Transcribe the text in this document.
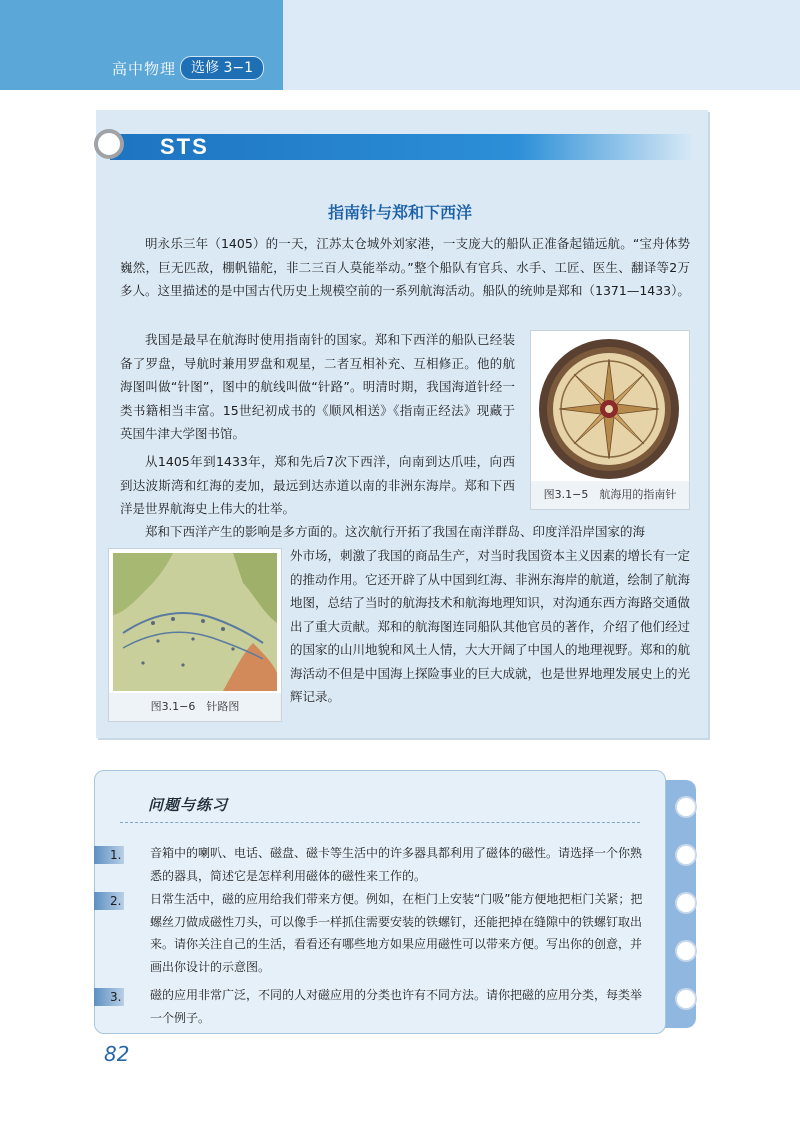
高中物理	选修 3−1
STS
指南针与郑和下西洋
明永乐三年（1405）的一天，江苏太仓城外刘家港，一支庞大的船队正准备起锚远航。“宝舟体势巍然，巨无匹敌，棚帆锚舵，非二三百人莫能举动。”整个船队有官兵、水手、工匠、医生、翻译等2万多人。这里描述的是中国古代历史上规模空前的一系列航海活动。船队的统帅是郑和（1371—1433）。
我国是最早在航海时使用指南针的国家。郑和下西洋的船队已经装备了罗盘，导航时兼用罗盘和观星，二者互相补充、互相修正。他的航海图叫做“针图”，图中的航线叫做“针路”。明清时期，我国海道针经一类书籍相当丰富。15世纪初成书的《顺风相送》《指南正经法》现藏于英国牛津大学图书馆。
从1405年到1433年，郑和先后7次下西洋，向南到达爪哇，向西到达波斯湾和红海的麦加，最远到达赤道以南的非洲东海岸。郑和下西洋是世界航海史上伟大的壮举。
郑和下西洋产生的影响是多方面的。这次航行开拓了我国在南洋群岛、印度洋沿岸国家的海
外市场，刺激了我国的商品生产，对当时我国资本主义因素的增长有一定的推动作用。它还开辟了从中国到红海、非洲东海岸的航道，绘制了航海地图，总结了当时的航海技术和航海地理知识，对沟通东西方海路交通做出了重大贡献。郑和的航海图连同船队其他官员的著作，介绍了他们经过的国家的山川地貌和风土人情，大大开阔了中国人的地理视野。郑和的航海活动不但是中国海上探险事业的巨大成就，也是世界地理发展史上的光辉记录。
图3.1−5　航海用的指南针
图3.1−6　针路图
问题与练习
1.	音箱中的喇叭、电话、磁盘、磁卡等生活中的许多器具都利用了磁体的磁性。请选择一个你熟悉的器具，简述它是怎样利用磁体的磁性来工作的。
2.	日常生活中，磁的应用给我们带来方便。例如，在柜门上安装“门吸”能方便地把柜门关紧；把螺丝刀做成磁性刀头，可以像手一样抓住需要安装的铁螺钉，还能把掉在缝隙中的铁螺钉取出来。请你关注自己的生活，看看还有哪些地方如果应用磁性可以带来方便。写出你的创意，并画出你设计的示意图。
3.	磁的应用非常广泛，不同的人对磁应用的分类也许有不同方法。请你把磁的应用分类，每类举一个例子。
82
